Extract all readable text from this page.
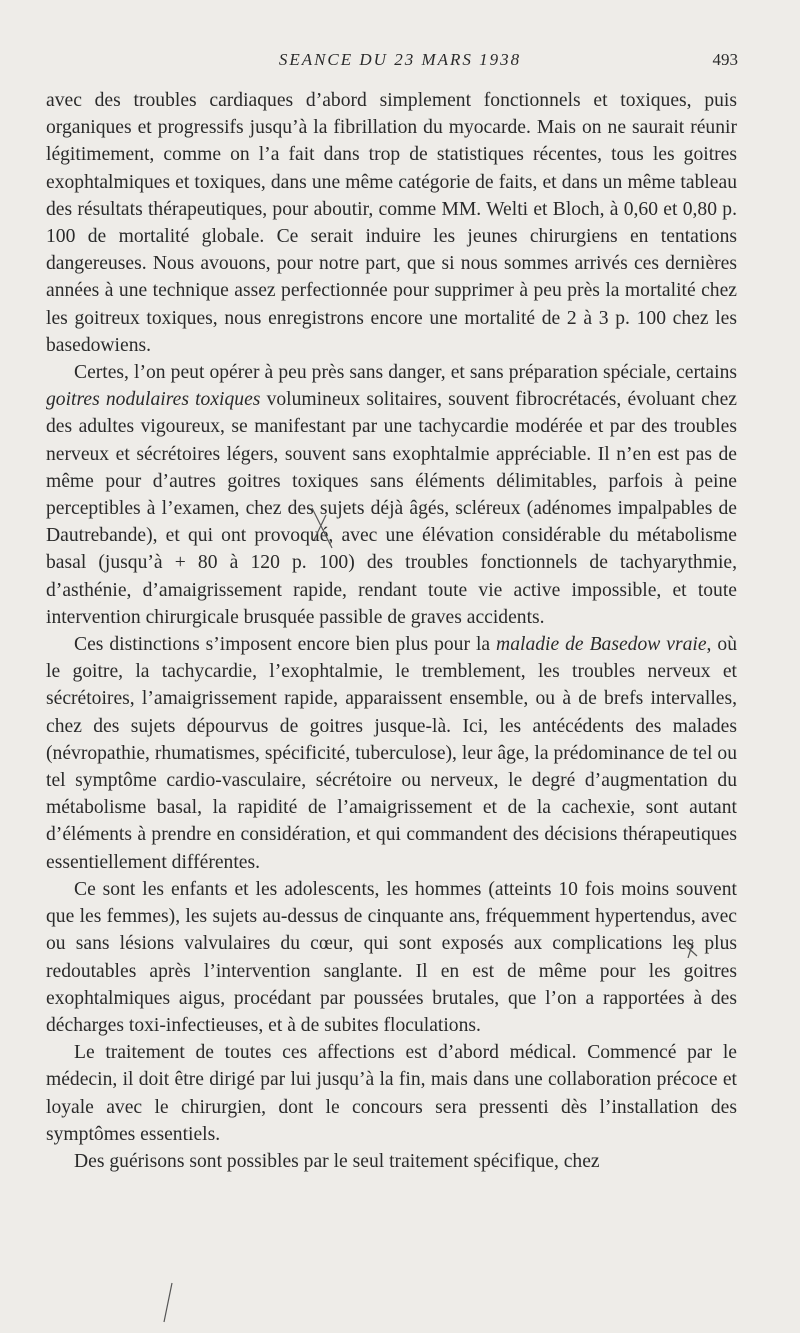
SEANCE DU 23 MARS 1938	493

avec des troubles cardiaques d’abord simplement fonctionnels et toxiques, puis organiques et progressifs jusqu’à la fibrillation du myocarde. Mais on ne saurait réunir légitimement, comme on l’a fait dans trop de statistiques récentes, tous les goitres exophtalmiques et toxiques, dans une même catégorie de faits, et dans un même tableau des résultats thérapeutiques, pour aboutir, comme MM. Welti et Bloch, à 0,60 et 0,80 p. 100 de mortalité globale. Ce serait induire les jeunes chirurgiens en tentations dangereuses. Nous avouons, pour notre part, que si nous sommes arrivés ces dernières années à une technique assez perfectionnée pour supprimer à peu près la mortalité chez les goitreux toxiques, nous enregistrons encore une mortalité de 2 à 3 p. 100 chez les basedowiens.

Certes, l’on peut opérer à peu près sans danger, et sans préparation spéciale, certains goitres nodulaires toxiques volumineux solitaires, souvent fibrocrétacés, évoluant chez des adultes vigoureux, se manifestant par une tachycardie modérée et par des troubles nerveux et sécrétoires légers, souvent sans exophtalmie appréciable. Il n’en est pas de même pour d’autres goitres toxiques sans éléments délimitables, parfois à peine perceptibles à l’examen, chez des sujets déjà âgés, scléreux (adénomes impalpables de Dautrebande), et qui ont provoqué, avec une élévation considérable du métabolisme basal (jusqu’à + 80 à 120 p. 100) des troubles fonctionnels de tachyarythmie, d’asthénie, d’amaigrissement rapide, rendant toute vie active impossible, et toute intervention chirurgicale brusquée passible de graves accidents.

Ces distinctions s’imposent encore bien plus pour la maladie de Basedow vraie, où le goitre, la tachycardie, l’exophtalmie, le tremblement, les troubles nerveux et sécrétoires, l’amaigrissement rapide, apparaissent ensemble, ou à de brefs intervalles, chez des sujets dépourvus de goitres jusque-là. Ici, les antécédents des malades (névropathie, rhumatismes, spécificité, tuberculose), leur âge, la prédominance de tel ou tel symptôme cardio-vasculaire, sécrétoire ou nerveux, le degré d’augmentation du métabolisme basal, la rapidité de l’amaigrissement et de la cachexie, sont autant d’éléments à prendre en considération, et qui commandent des décisions thérapeutiques essentiellement différentes.

Ce sont les enfants et les adolescents, les hommes (atteints 10 fois moins souvent que les femmes), les sujets au-dessus de cinquante ans, fréquemment hypertendus, avec ou sans lésions valvulaires du cœur, qui sont exposés aux complications les plus redoutables après l’intervention sanglante. Il en est de même pour les goitres exophtalmiques aigus, procédant par poussées brutales, que l’on a rapportées à des décharges toxi-infectieuses, et à de subites floculations.

Le traitement de toutes ces affections est d’abord médical. Commencé par le médecin, il doit être dirigé par lui jusqu’à la fin, mais dans une collaboration précoce et loyale avec le chirurgien, dont le concours sera pressenti dès l’installation des symptômes essentiels.

Des guérisons sont possibles par le seul traitement spécifique, chez
